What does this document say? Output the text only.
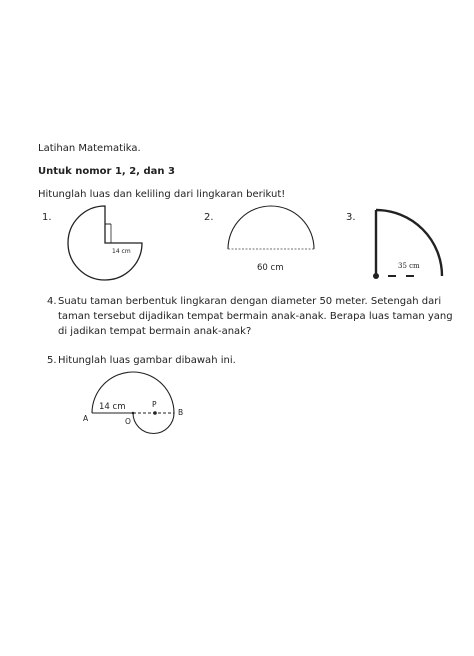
Latihan Matematika.
Untuk nomor 1, 2, dan 3
Hitunglah luas dan keliling dari lingkaran berikut!
1.	2.	3.
14 cm
60 cm	35 cm
4. Suatu taman berbentuk lingkaran dengan diameter 50 meter. Setengah dari taman tersebut dijadikan tempat bermain anak-anak. Berapa luas taman yang di jadikan tempat bermain anak-anak?
5. Hitunglah luas gambar dibawah ini.
14 cm
A
B
O
P
